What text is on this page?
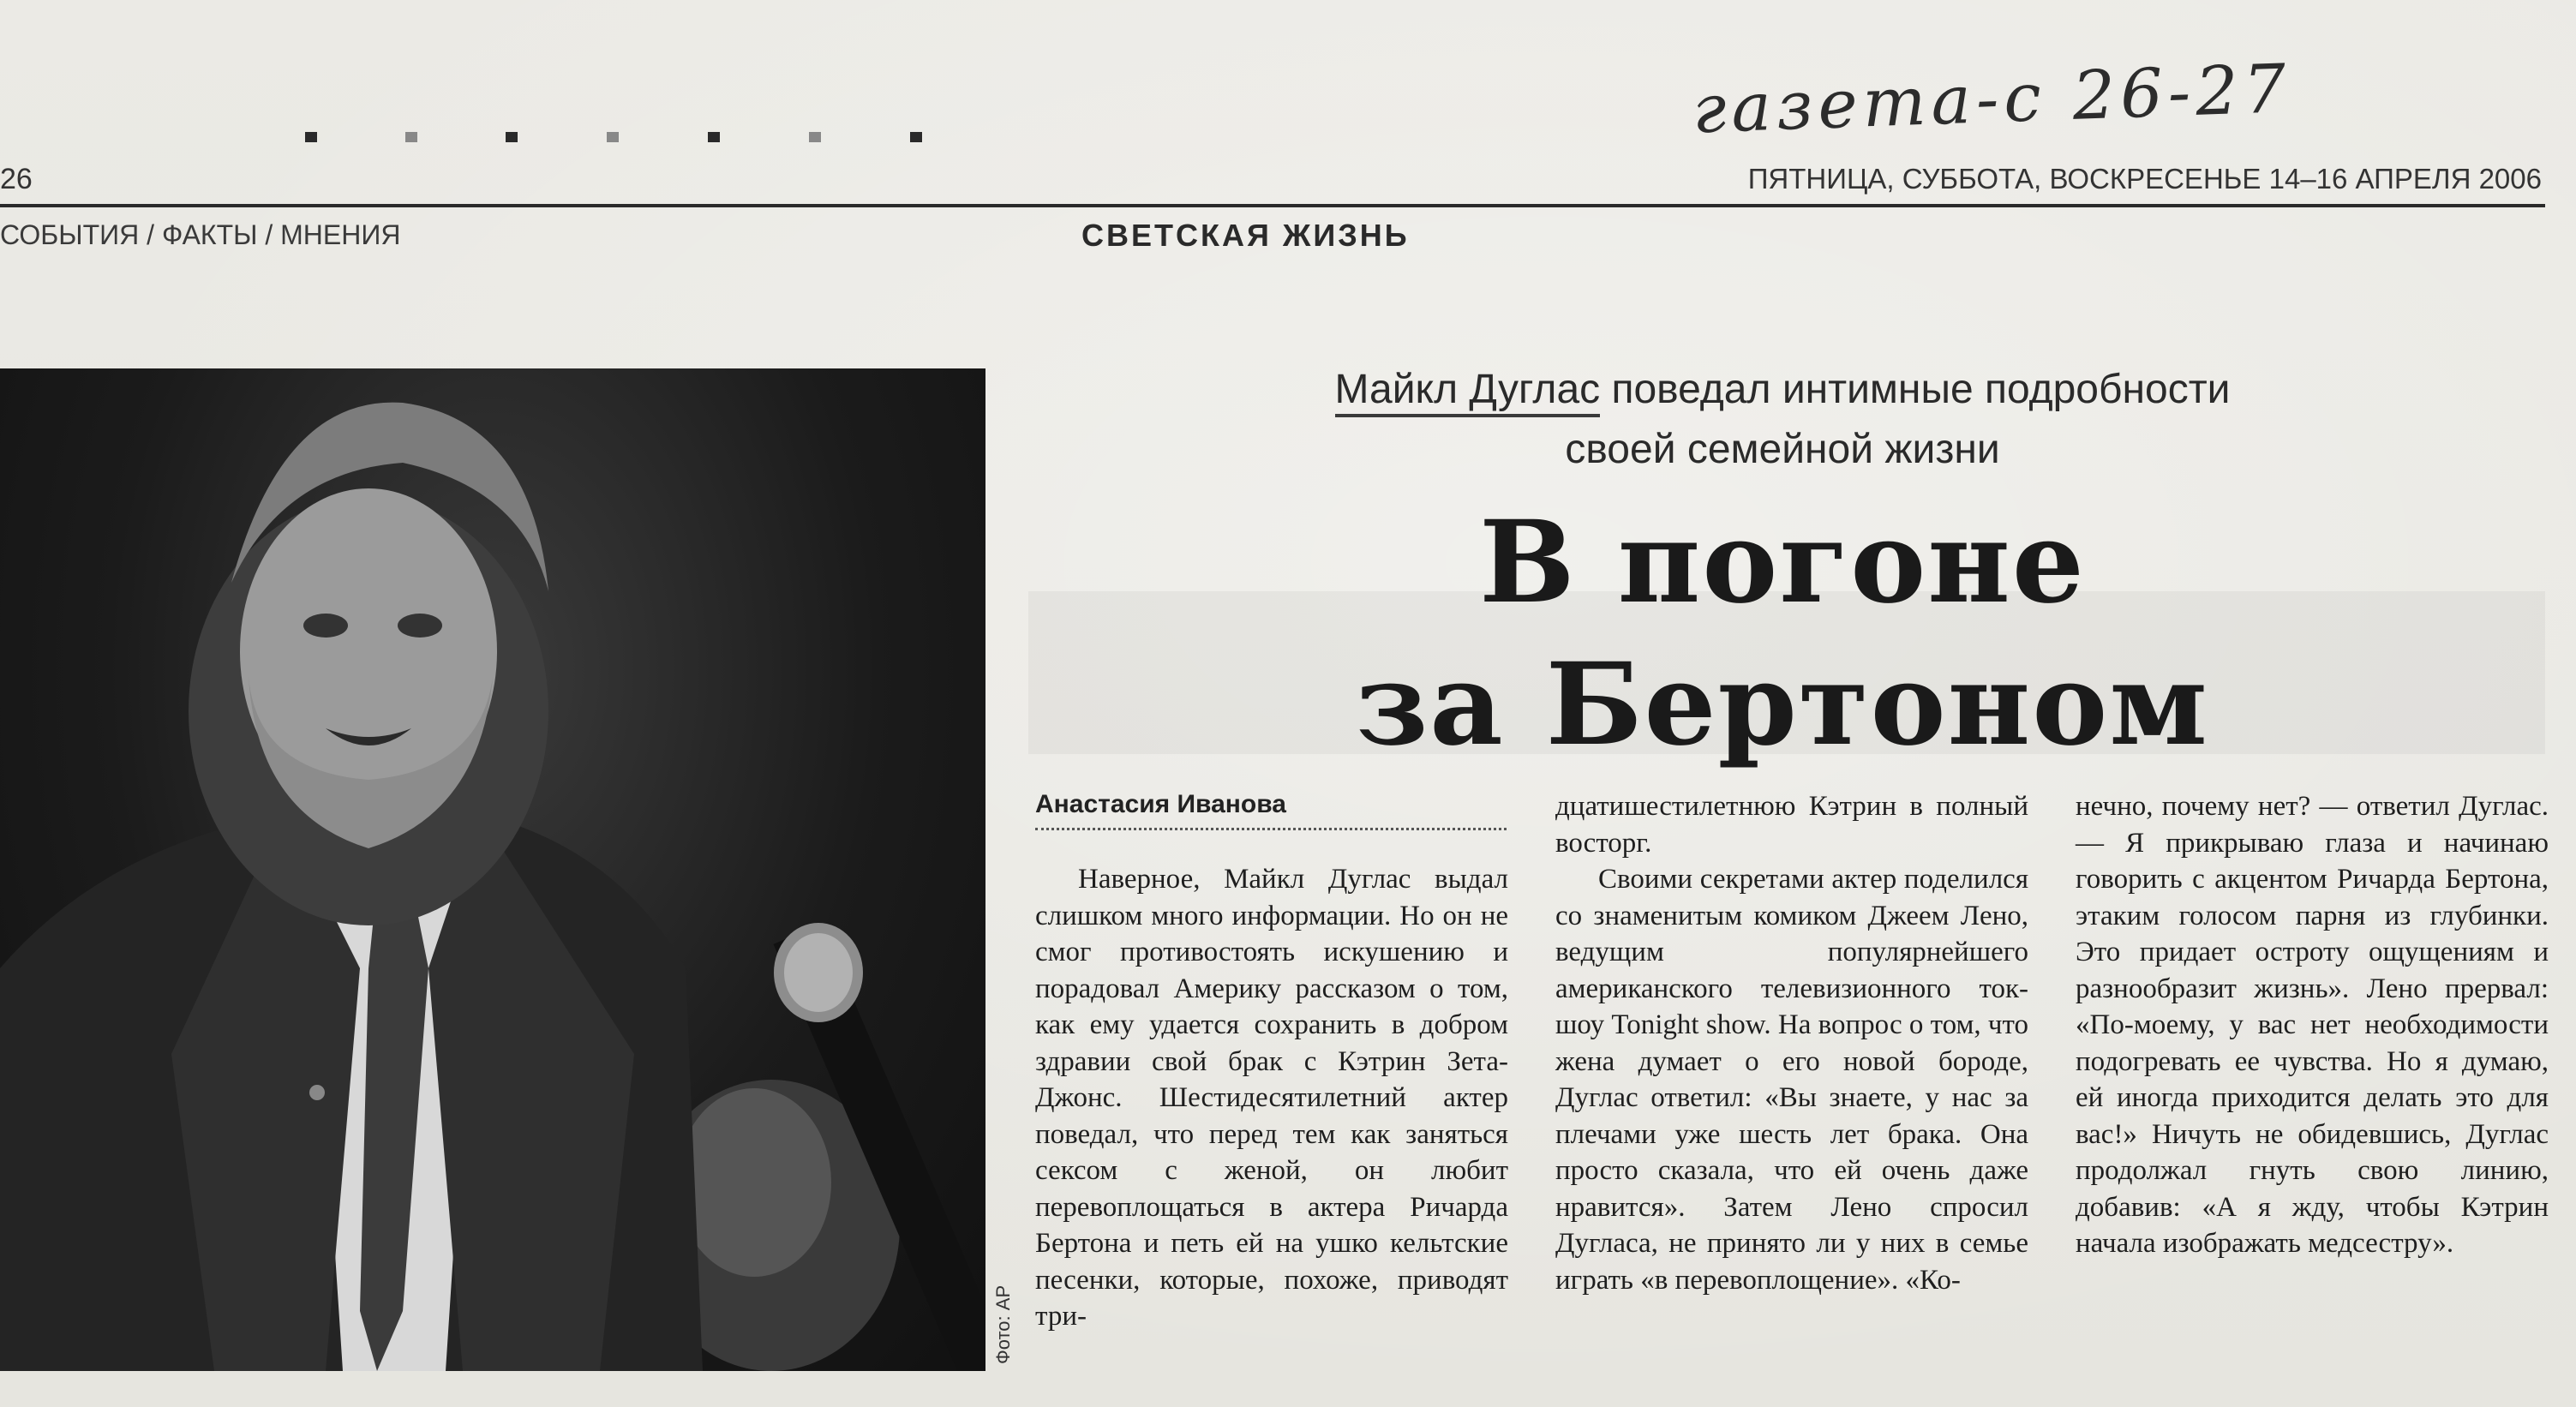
газета-с 26-27
26	ПЯТНИЦА, СУББОТА, ВОСКРЕСЕНЬЕ 14–16 АПРЕЛЯ 2006
СОБЫТИЯ / ФАКТЫ / МНЕНИЯ	СВЕТСКАЯ ЖИЗНЬ
Фото: AP
Майкл Дуглас поведал интимные подробности
своей семейной жизни
В погоне
за Бертоном
Анастасия Иванова

Наверное, Майкл Дуглас выдал слишком много информации. Но он не смог противостоять искушению и порадовал Америку рассказом о том, как ему удается сохранить в добром здравии свой брак с Кэтрин Зета-Джонс. Шестидесятилетний актер поведал, что перед тем как заняться сексом с женой, он любит перевоплощаться в актера Ричарда Бертона и петь ей на ушко кельтские песенки, которые, похоже, приводят три-

дцатишестилетнюю Кэтрин в полный восторг.

Своими секретами актер поделился со знаменитым комиком Джеем Лено, ведущим популярнейшего американского телевизионного ток-шоу Tonight show. На вопрос о том, что жена думает о его новой бороде, Дуглас ответил: «Вы знаете, у нас за плечами уже шесть лет брака. Она просто сказала, что ей очень даже нравится». Затем Лено спросил Дугласа, не принято ли у них в семье играть «в перевоплощение». «Ко-

нечно, почему нет? — ответил Дуглас. — Я прикрываю глаза и начинаю говорить с акцентом Ричарда Бертона, этаким голосом парня из глубинки. Это придает остроту ощущениям и разнообразит жизнь». Лено прервал: «По-моему, у вас нет необходимости подогревать ее чувства. Но я думаю, ей иногда приходится делать это для вас!» Ничуть не обидевшись, Дуглас продолжал гнуть свою линию, добавив: «А я жду, чтобы Кэтрин начала изображать медсестру».
